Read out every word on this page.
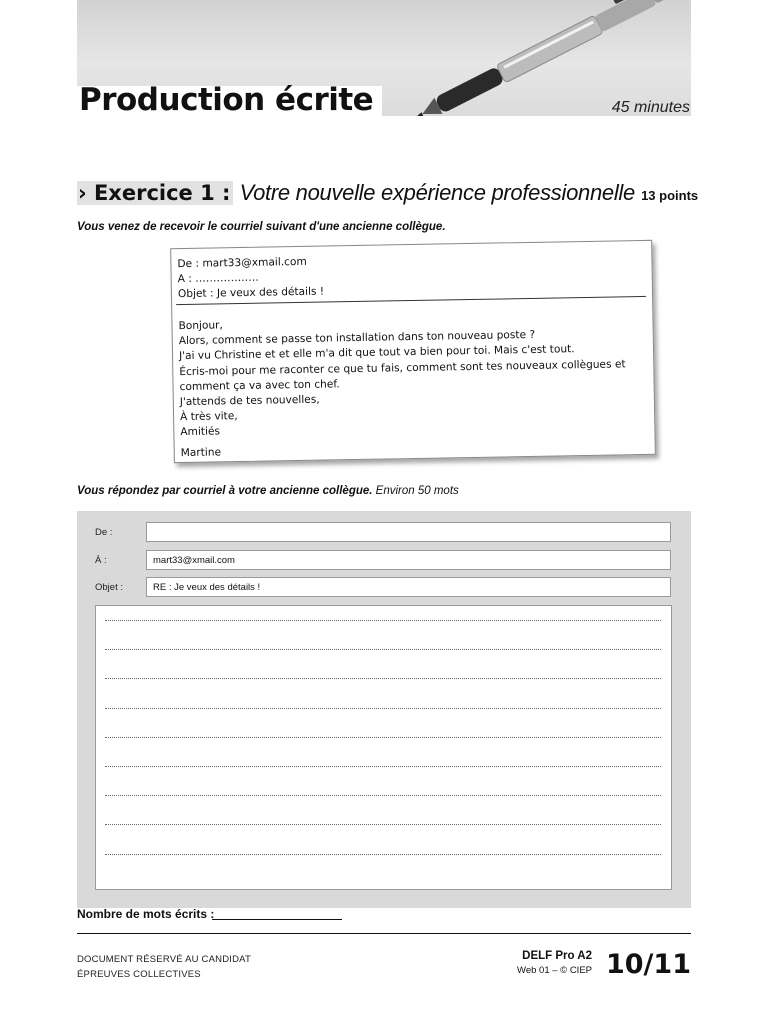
Production écrite	45 minutes
› Exercice 1 : Votre nouvelle expérience professionnelle 13 points
Vous venez de recevoir le courriel suivant d'une ancienne collègue.
De : mart33@xmail.com
A : ………………
Objet : Je veux des détails !
Bonjour,
Alors, comment se passe ton installation dans ton nouveau poste ?
J'ai vu Christine et et elle m'a dit que tout va bien pour toi. Mais c'est tout.
Écris-moi pour me raconter ce que tu fais, comment sont tes nouveaux collègues et
comment ça va avec ton chef.
J'attends de tes nouvelles,
À très vite,
Amitiés
Martine
Vous répondez par courriel à votre ancienne collègue. Environ 50 mots
De :
À :	mart33@xmail.com
Objet :	RE : Je veux des détails !
Nombre de mots écrits :
DOCUMENT RÉSERVÉ AU CANDIDAT
ÉPREUVES COLLECTIVES
DELF Pro A2
Web 01 – © CIEP 10/11
